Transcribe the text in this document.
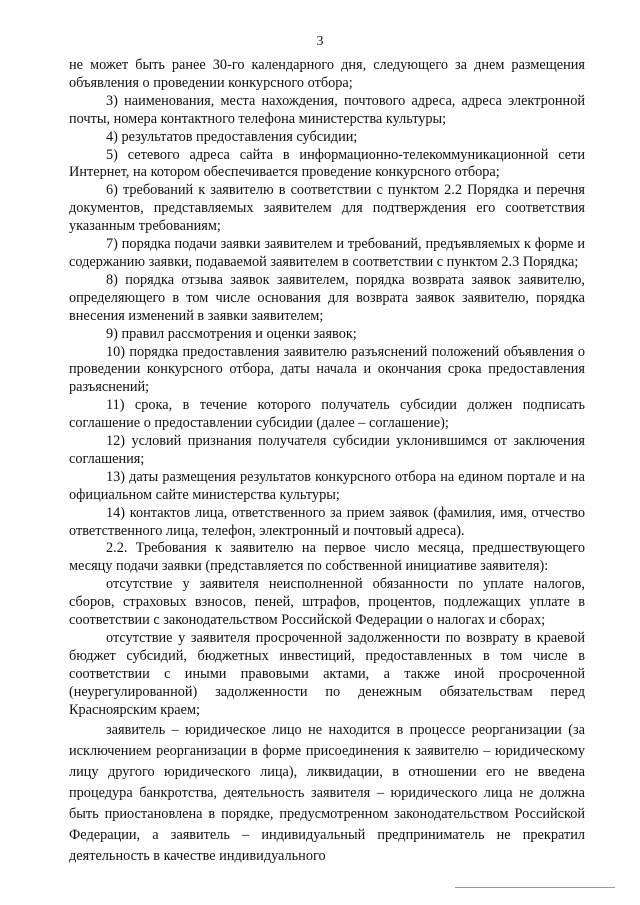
3

не может быть ранее 30-го календарного дня, следующего за днем размещения объявления о проведении конкурсного отбора;

3) наименования, места нахождения, почтового адреса, адреса электронной почты, номера контактного телефона министерства культуры;

4) результатов предоставления субсидии;

5) сетевого адреса сайта в информационно-телекоммуникационной сети Интернет, на котором обеспечивается проведение конкурсного отбора;

6) требований к заявителю в соответствии с пунктом 2.2 Порядка и перечня документов, представляемых заявителем для подтверждения его соответствия указанным требованиям;

7) порядка подачи заявки заявителем и требований, предъявляемых к форме и содержанию заявки, подаваемой заявителем в соответствии с пунктом 2.3 Порядка;

8) порядка отзыва заявок заявителем, порядка возврата заявок заявителю, определяющего в том числе основания для возврата заявок заявителю, порядка внесения изменений в заявки заявителем;

9) правил рассмотрения и оценки заявок;

10) порядка предоставления заявителю разъяснений положений объявления о проведении конкурсного отбора, даты начала и окончания срока предоставления разъяснений;

11) срока, в течение которого получатель субсидии должен подписать соглашение о предоставлении субсидии (далее – соглашение);

12) условий признания получателя субсидии уклонившимся от заключения соглашения;

13) даты размещения результатов конкурсного отбора на едином портале и на официальном сайте министерства культуры;

14) контактов лица, ответственного за прием заявок (фамилия, имя, отчество ответственного лица, телефон, электронный и почтовый адреса).

2.2. Требования к заявителю на первое число месяца, предшествующего месяцу подачи заявки (представляется по собственной инициативе заявителя):

отсутствие у заявителя неисполненной обязанности по уплате налогов, сборов, страховых взносов, пеней, штрафов, процентов, подлежащих уплате в соответствии с законодательством Российской Федерации о налогах и сборах;

отсутствие у заявителя просроченной задолженности по возврату в краевой бюджет субсидий, бюджетных инвестиций, предоставленных в том числе в соответствии с иными правовыми актами, а также иной просроченной (неурегулированной) задолженности по денежным обязательствам перед Красноярским краем;

заявитель – юридическое лицо не находится в процессе реорганизации (за исключением реорганизации в форме присоединения к заявителю – юридическому лицу другого юридического лица), ликвидации, в отношении его не введена процедура банкротства, деятельность заявителя – юридического лица не должна быть приостановлена в порядке, предусмотренном законодательством Российской Федерации, а заявитель – индивидуальный предприниматель не прекратил деятельность в качестве индивидуального
